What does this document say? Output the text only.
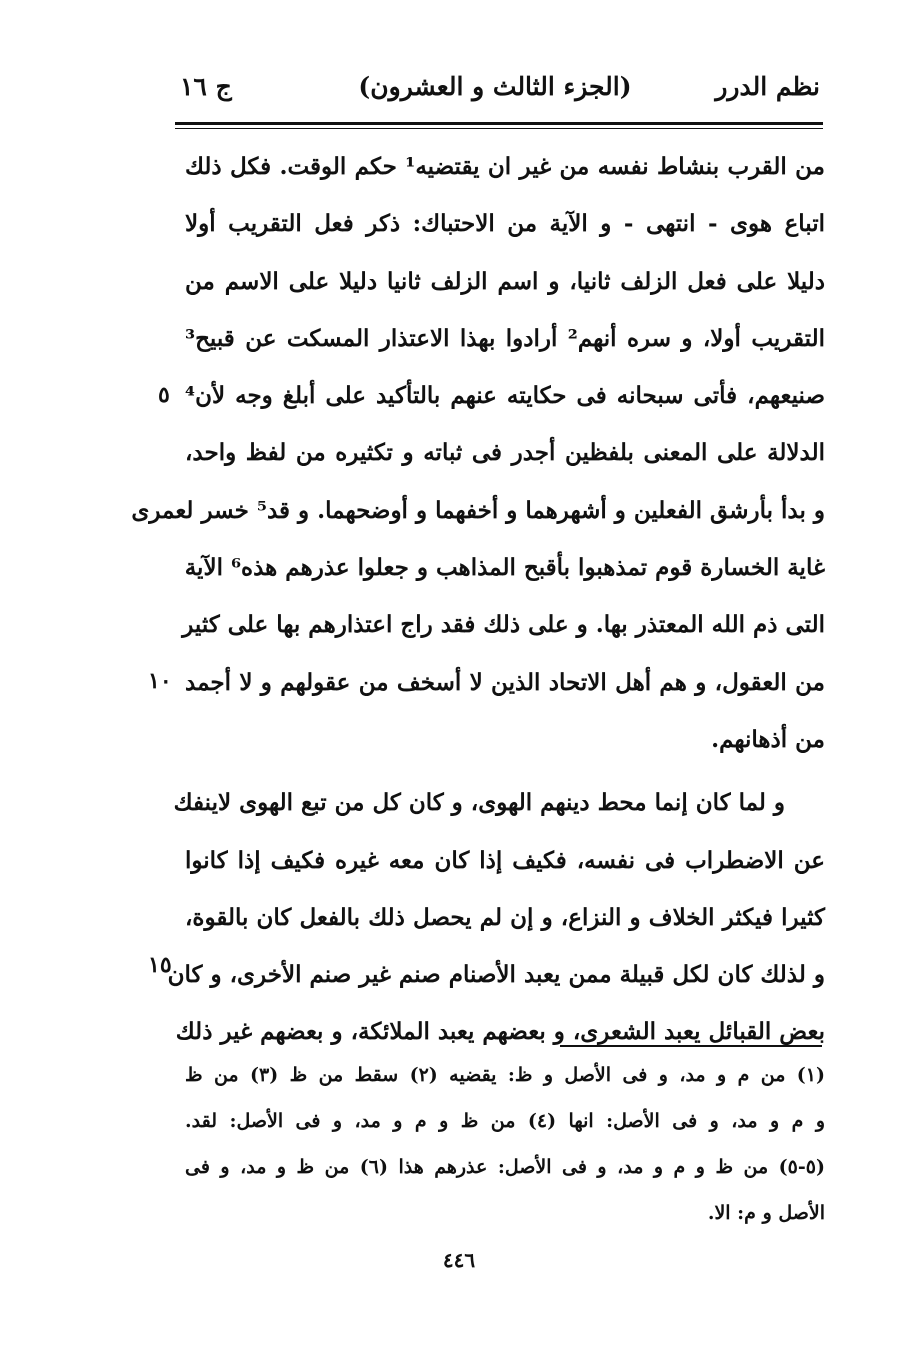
نظم الدرر
(الجزء الثالث و العشرون)
ج ١٦
من القرب بنشاط نفسه من غير ان يقتضيه¹ حكم الوقت. فكل ذلك
اتباع هوى - انتهى - و الآية من الاحتباك: ذكر فعل التقريب أولا
دليلا على فعل الزلف ثانيا، و اسم الزلف ثانيا دليلا على الاسم من
التقريب أولا، و سره أنهم² أرادوا بهذا الاعتذار المسكت عن قبيح³
صنيعهم، فأتى سبحانه فى حكايته عنهم بالتأكيد على أبلغ وجه لأن⁴
الدلالة على المعنى بلفظين أجدر فى ثباته و تكثيره من لفظ واحد،
و بدأ بأرشق الفعلين و أشهرهما و أخفهما و أوضحهما. و قد⁵ خسر لعمرى
غاية الخسارة قوم تمذهبوا بأقبح المذاهب و جعلوا عذرهم هذه⁶ الآية
التى ذم الله المعتذر بها. و على ذلك فقد راج اعتذارهم بها على كثير
من العقول، و هم أهل الاتحاد الذين لا أسخف من عقولهم و لا أجمد
من أذهانهم.
و لما كان إنما محط دينهم الهوى، و كان كل من تبع الهوى لاينفك
عن الاضطراب فى نفسه، فكيف إذا كان معه غيره فكيف إذا كانوا
كثيرا فيكثر الخلاف و النزاع، و إن لم يحصل ذلك بالفعل كان بالقوة،
و لذلك كان لكل قبيلة ممن يعبد الأصنام صنم غير صنم الأخرى، و كان
بعض القبائل يعبد الشعرى، و بعضهم يعبد الملائكة، و بعضهم غير ذلك
٥
١٠
١٥
(١) من م و مد، و فى الأصل و ظ: يقضيه (٢) سقط من ظ (٣) من ظ
و م و مد، و فى الأصل: انها (٤) من ظ و م و مد، و فى الأصل: لقد.
(٥-٥) من ظ و م و مد، و فى الأصل: عذرهم هذا (٦) من ظ و مد، و فى
الأصل و م: الا.
٤٤٦
